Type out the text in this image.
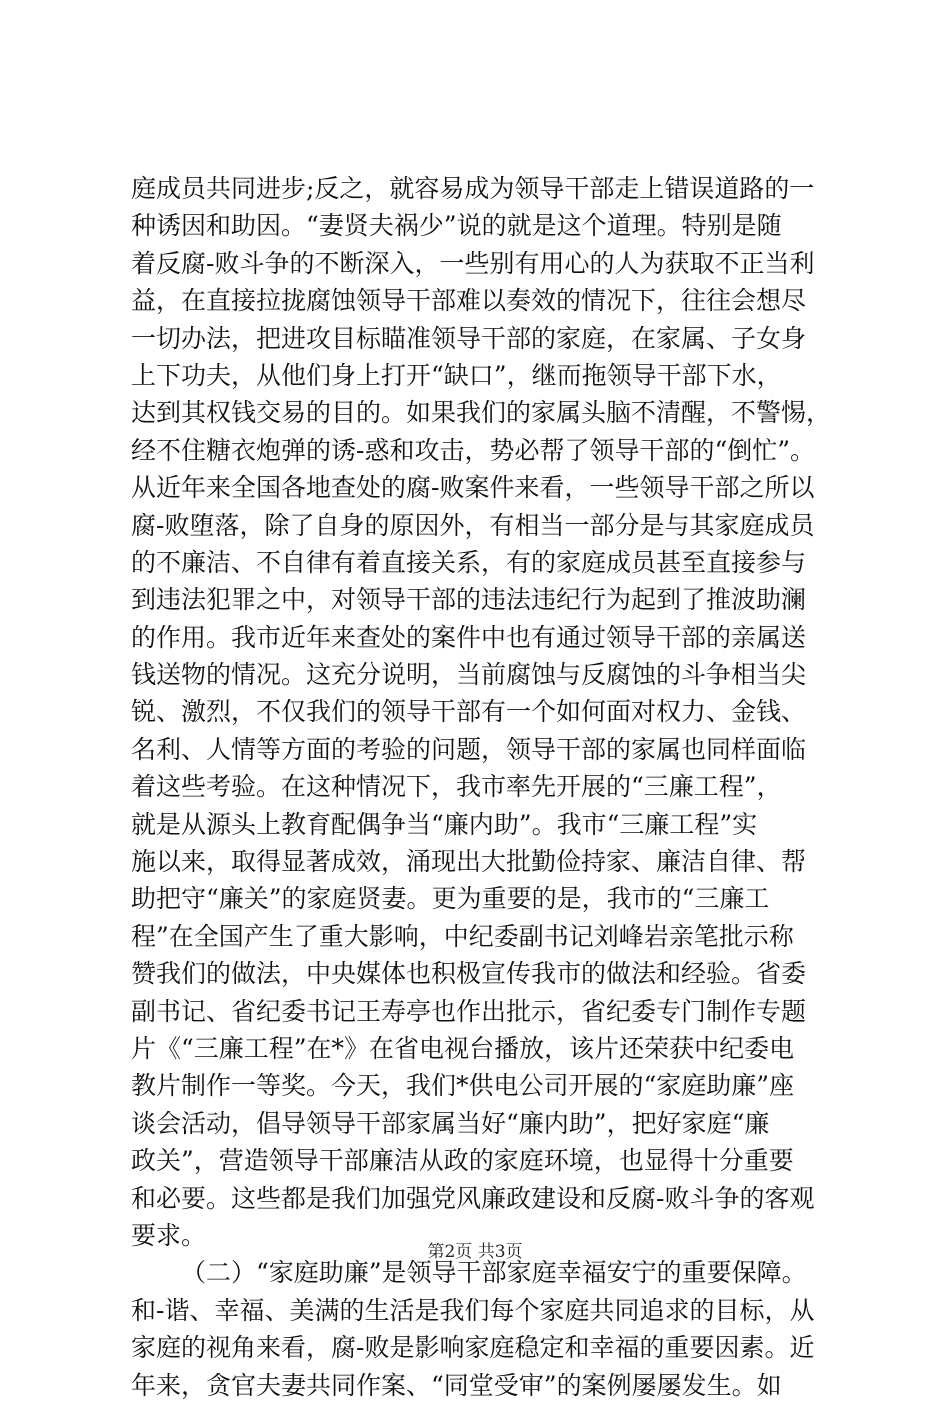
庭成员共同进步;反之，就容易成为领导干部走上错误道路的一
种诱因和助因。“妻贤夫祸少”说的就是这个道理。特别是随
着反腐-败斗争的不断深入，一些别有用心的人为获取不正当利
益，在直接拉拢腐蚀领导干部难以奏效的情况下，往往会想尽
一切办法，把进攻目标瞄准领导干部的家庭，在家属、子女身
上下功夫，从他们身上打开“缺口”，继而拖领导干部下水，
达到其权钱交易的目的。如果我们的家属头脑不清醒，不警惕，
经不住糖衣炮弹的诱-惑和攻击，势必帮了领导干部的“倒忙”。
从近年来全国各地查处的腐-败案件来看，一些领导干部之所以
腐-败堕落，除了自身的原因外，有相当一部分是与其家庭成员
的不廉洁、不自律有着直接关系，有的家庭成员甚至直接参与
到违法犯罪之中，对领导干部的违法违纪行为起到了推波助澜
的作用。我市近年来查处的案件中也有通过领导干部的亲属送
钱送物的情况。这充分说明，当前腐蚀与反腐蚀的斗争相当尖
锐、激烈，不仅我们的领导干部有一个如何面对权力、金钱、
名利、人情等方面的考验的问题，领导干部的家属也同样面临
着这些考验。在这种情况下，我市率先开展的“三廉工程”，
就是从源头上教育配偶争当“廉内助”。我市“三廉工程”实
施以来，取得显著成效，涌现出大批勤俭持家、廉洁自律、帮
助把守“廉关”的家庭贤妻。更为重要的是，我市的“三廉工
程”在全国产生了重大影响，中纪委副书记刘峰岩亲笔批示称
赞我们的做法，中央媒体也积极宣传我市的做法和经验。省委
副书记、省纪委书记王寿亭也作出批示，省纪委专门制作专题
片《“三廉工程”在*》在省电视台播放，该片还荣获中纪委电
教片制作一等奖。今天，我们*供电公司开展的“家庭助廉”座
谈会活动，倡导领导干部家属当好“廉内助”，把好家庭“廉
政关”，营造领导干部廉洁从政的家庭环境，也显得十分重要
和必要。这些都是我们加强党风廉政建设和反腐-败斗争的客观
要求。
（二）“家庭助廉”是领导干部家庭幸福安宁的重要保障。
和-谐、幸福、美满的生活是我们每个家庭共同追求的目标，从
家庭的视角来看，腐-败是影响家庭稳定和幸福的重要因素。近
年来，贪官夫妻共同作案、“同堂受审”的案例屡屡发生。如
第2页 共3页
